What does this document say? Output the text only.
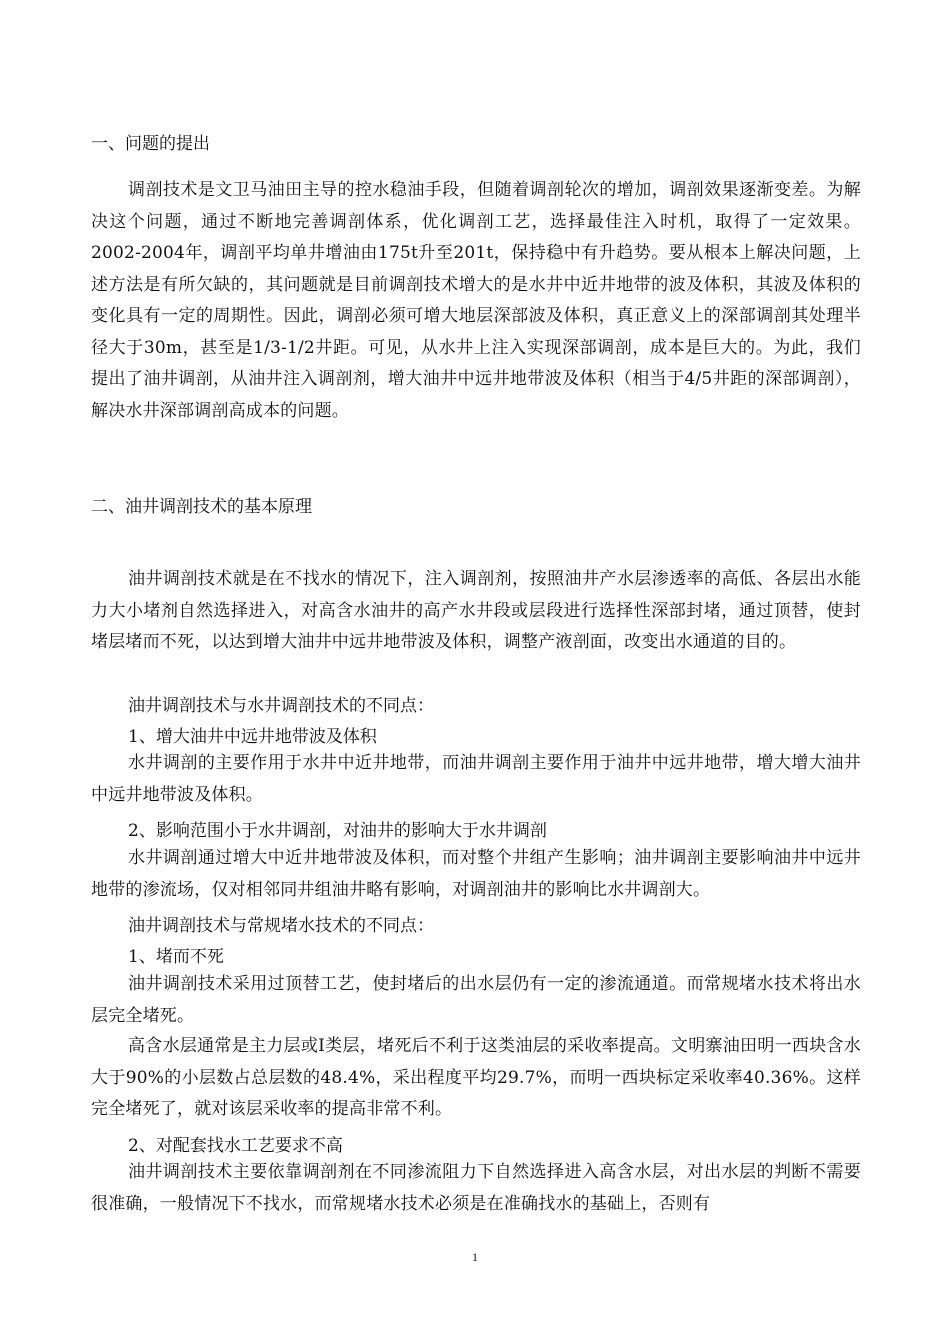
一、问题的提出

调剖技术是文卫马油田主导的控水稳油手段，但随着调剖轮次的增加，调剖效果逐渐变差。为解决这个问题，通过不断地完善调剖体系，优化调剖工艺，选择最佳注入时机，取得了一定效果。2002-2004年，调剖平均单井增油由175t升至201t，保持稳中有升趋势。要从根本上解决问题，上述方法是有所欠缺的，其问题就是目前调剖技术增大的是水井中近井地带的波及体积，其波及体积的变化具有一定的周期性。因此，调剖必须可增大地层深部波及体积，真正意义上的深部调剖其处理半径大于30m，甚至是1/3-1/2井距。可见，从水井上注入实现深部调剖，成本是巨大的。为此，我们提出了油井调剖，从油井注入调剖剂，增大油井中远井地带波及体积（相当于4/5井距的深部调剖），解决水井深部调剖高成本的问题。

二、油井调剖技术的基本原理

油井调剖技术就是在不找水的情况下，注入调剖剂，按照油井产水层渗透率的高低、各层出水能力大小堵剂自然选择进入，对高含水油井的高产水井段或层段进行选择性深部封堵，通过顶替，使封堵层堵而不死，以达到增大油井中远井地带波及体积，调整产液剖面，改变出水通道的目的。

油井调剖技术与水井调剖技术的不同点：
1、增大油井中远井地带波及体积

水井调剖的主要作用于水井中近井地带，而油井调剖主要作用于油井中远井地带，增大增大油井中远井地带波及体积。

2、影响范围小于水井调剖，对油井的影响大于水井调剖

水井调剖通过增大中近井地带波及体积，而对整个井组产生影响；油井调剖主要影响油井中远井地带的渗流场，仅对相邻同井组油井略有影响，对调剖油井的影响比水井调剖大。

油井调剖技术与常规堵水技术的不同点：
1、堵而不死

油井调剖技术采用过顶替工艺，使封堵后的出水层仍有一定的渗流通道。而常规堵水技术将出水层完全堵死。

高含水层通常是主力层或I类层，堵死后不利于这类油层的采收率提高。文明寨油田明一西块含水大于90%的小层数占总层数的48.4%，采出程度平均29.7%，而明一西块标定采收率40.36%。这样完全堵死了，就对该层采收率的提高非常不利。

2、对配套找水工艺要求不高

油井调剖技术主要依靠调剖剂在不同渗流阻力下自然选择进入高含水层，对出水层的判断不需要很准确，一般情况下不找水，而常规堵水技术必须是在准确找水的基础上，否则有

1
